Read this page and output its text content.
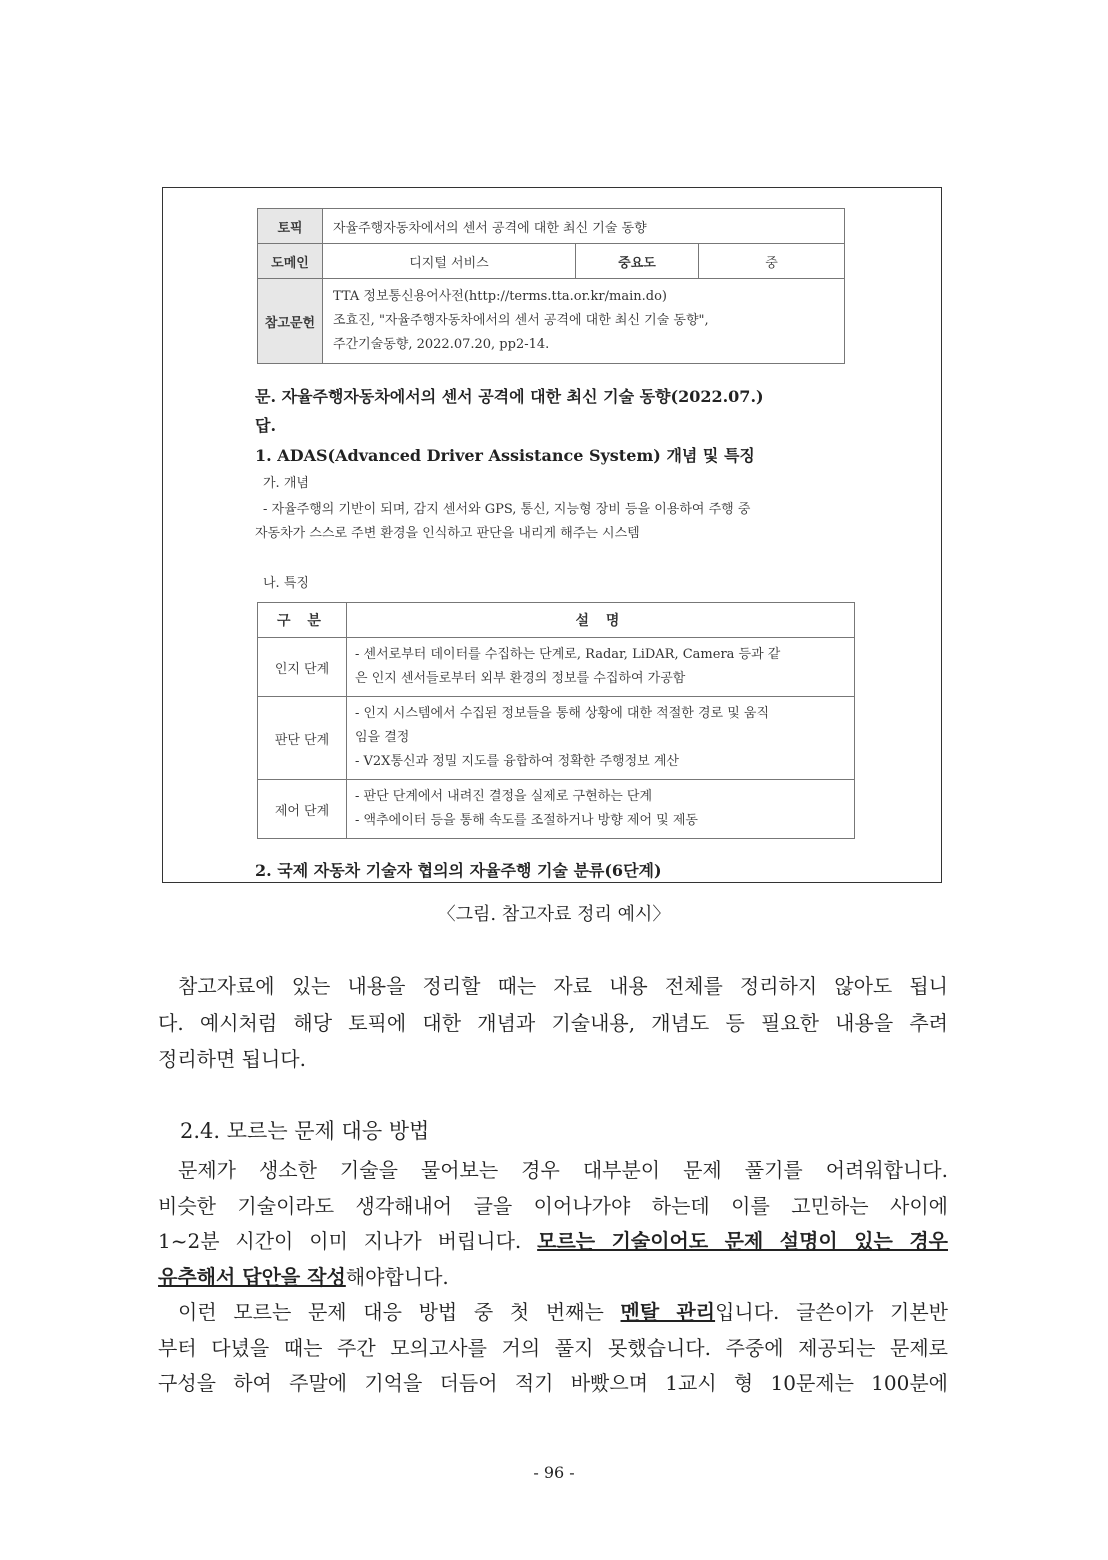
토픽	자율주행자동차에서의 센서 공격에 대한 최신 기술 동향		
도메인	디지털 서비스	중요도	중
참고문헌	TTA 정보통신용어사전(http://terms.tta.or.kr/main.do)
조효진, "자율주행자동차에서의 센서 공격에 대한 최신 기술 동향",
주간기술동향, 2022.07.20, pp2-14.		
문. 자율주행자동차에서의 센서 공격에 대한 최신 기술 동향(2022.07.)
답.
1. ADAS(Advanced Driver Assistance System) 개념 및 특징
가. 개념
- 자율주행의 기반이 되며, 감지 센서와 GPS, 통신, 지능형 장비 등을 이용하여 주행 중
자동차가 스스로 주변 환경을 인식하고 판단을 내리게 해주는 시스템
나. 특징
구 분	설 명
인지 단계	- 센서로부터 데이터를 수집하는 단계로, Radar, LiDAR, Camera 등과 같
은 인지 센서들로부터 외부 환경의 정보를 수집하여 가공함

판단 단계	- 인지 시스템에서 수집된 정보들을 통해 상황에 대한 적절한 경로 및 움직
임을 결정
- V2X통신과 정밀 지도를 융합하여 정확한 주행정보 계산

제어 단계	- 판단 단계에서 내려진 결정을 실제로 구현하는 단계
- 액추에이터 등을 통해 속도를 조절하거나 방향 제어 및 제동
2. 국제 자동차 기술자 협의의 자율주행 기술 분류(6단계)
〈그림. 참고자료 정리 예시〉
참고자료에 있는 내용을 정리할 때는 자료 내용 전체를 정리하지 않아도 됩니
다. 예시처럼 해당 토픽에 대한 개념과 기술내용, 개념도 등 필요한 내용을 추려
정리하면 됩니다.
2.4. 모르는 문제 대응 방법
문제가 생소한 기술을 물어보는 경우 대부분이 문제 풀기를 어려워합니다.
비슷한 기술이라도 생각해내어 글을 이어나가야 하는데 이를 고민하는 사이에
1~2분 시간이 이미 지나가 버립니다. 모르는 기술이어도 문제 설명이 있는 경우
유추해서 답안을 작성해야합니다.
이런 모르는 문제 대응 방법 중 첫 번째는 멘탈 관리입니다. 글쓴이가 기본반
부터 다녔을 때는 주간 모의고사를 거의 풀지 못했습니다. 주중에 제공되는 문제로
구성을 하여 주말에 기억을 더듬어 적기 바빴으며 1교시 형 10문제는 100분에
- 96 -
